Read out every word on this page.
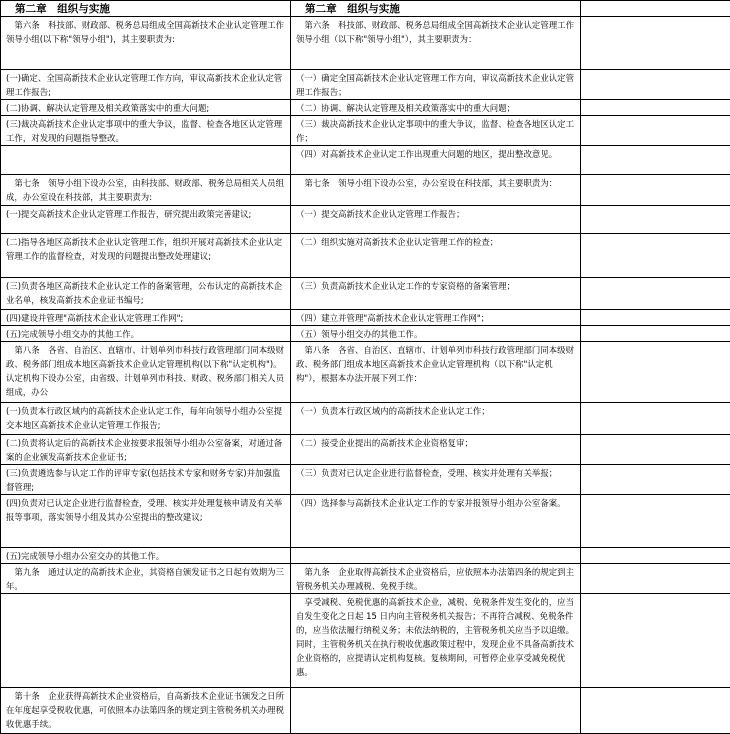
第二章　组织与实施	第二章　组织与实施	
　第六条　科技部、财政部、税务总局组成全国高新技术企业认定管理工作领导小组(以下称"领导小组")，其主要职责为:	　第六条　科技部、财政部、税务总局组成全国高新技术企业认定管理工作领导小组（以下称"领导小组"），其主要职责为：	
(一)确定、全国高新技术企业认定管理工作方向，审议高新技术企业认定管理工作报告;	（一）确定全国高新技术企业认定管理工作方向，审议高新技术企业认定管理工作报告；	
(二)协调、解决认定管理及相关政策落实中的重大问题;	（二）协调、解决认定管理及相关政策落实中的重大问题；	
(三)裁决高新技术企业认定事项中的重大争议，监督、检查各地区认定管理工作，对发现的问题指导整改。	（三）裁决高新技术企业认定事项中的重大争议，监督、检查各地区认定工作；	
	（四）对高新技术企业认定工作出现重大问题的地区，提出整改意见。	
　第七条　领导小组下设办公室，由科技部、财政部、税务总局相关人员组成，办公室设在科技部，其主要职责为:	　第七条　领导小组下设办公室，办公室设在科技部，其主要职责为：	
(一)提交高新技术企业认定管理工作报告，研究提出政策完善建议;	（一）提交高新技术企业认定管理工作报告；	
(二)指导各地区高新技术企业认定管理工作，组织开展对高新技术企业认定管理工作的监督检查，对发现的问题提出整改处理建议;	（二）组织实施对高新技术企业认定管理工作的检查；	
(三)负责各地区高新技术企业认定工作的备案管理，公布认定的高新技术企业名单，核发高新技术企业证书编号;	（三）负责高新技术企业认定工作的专家资格的备案管理；	
(四)建设并管理"高新技术企业认定管理工作网";	（四）建立并管理"高新技术企业认定管理工作网"；	
(五)完成领导小组交办的其他工作。	（五）领导小组交办的其他工作。	
　第八条　各省、自治区、直辖市、计划单列市科技行政管理部门同本级财政、税务部门组成本地区高新技术企业认定管理机构(以下称"认定机构")。认定机构下设办公室，由省级、计划单列市科技、财政、税务部门相关人员组成，办公	　第八条　各省、自治区、直辖市、计划单列市科技行政管理部门同本级财政、税务部门组成本地区高新技术企业认定管理机构（以下称"认定机构"），根据本办法开展下列工作：	
(一)负责本行政区域内的高新技术企业认定工作，每年向领导小组办公室提交本地区高新技术企业认定管理工作报告;	（一）负责本行政区域内的高新技术企业认定工作；	
(二)负责将认定后的高新技术企业按要求报领导小组办公室备案，对通过备案的企业颁发高新技术企业证书;	（二）接受企业提出的高新技术企业资格复审；	
(三)负责遴选参与认定工作的评审专家(包括技术专家和财务专家)并加强监督管理;	（三）负责对已认定企业进行监督检查，受理、核实并处理有关举报；	
(四)负责对已认定企业进行监督检查，受理、核实并处理复核申请及有关举报等事项，落实领导小组及其办公室提出的整改建议;	（四）选择参与高新技术企业认定工作的专家并报领导小组办公室备案。	
(五)完成领导小组办公室交办的其他工作。		
　第九条　通过认定的高新技术企业，其资格自颁发证书之日起有效期为三年。	　第九条　企业取得高新技术企业资格后，应依照本办法第四条的规定到主管税务机关办理减税、免税手续。	
	　享受减税、免税优惠的高新技术企业，减税、免税条件发生变化的，应当自发生变化之日起 15 日内向主管税务机关报告；不再符合减税、免税条件的，应当依法履行纳税义务；未依法纳税的，主管税务机关应当予以追缴。同时，主管税务机关在执行税收优惠政策过程中，发现企业不具备高新技术企业资格的，应提请认定机构复核。复核期间，可暂停企业享受减免税优惠。	
　第十条　企业获得高新技术企业资格后，自高新技术企业证书颁发之日所在年度起享受税收优惠，可依照本办法第四条的规定到主管税务机关办理税收优惠手续。		
